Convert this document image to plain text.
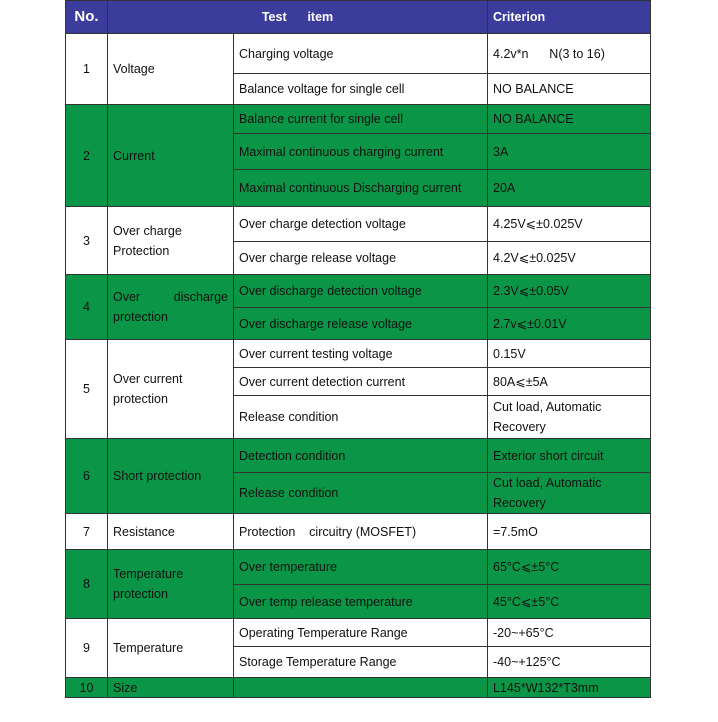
No.	Test      item		Criterion
1	Voltage	Charging voltage	4.2v*n      N(3 to 16)
		Balance voltage for single cell	NO BALANCE
2	Current	Balance current for single cell	NO BALANCE
		Maximal continuous charging current	3A
		Maximal continuous Discharging current	20A
3	Over charge Protection	Over charge detection voltage	4.25V⩽±0.025V
		Over charge release voltage	4.2V⩽±0.025V
4	Over discharge protection	Over discharge detection voltage	2.3V⩽±0.05V
		Over discharge release voltage	2.7v⩽±0.01V
5	Over current protection	Over current testing voltage	0.15V
		Over current detection current	80A⩽±5A
		Release condition	Cut load, Automatic Recovery
6	Short protection	Detection condition	Exterior short circuit
		Release condition	Cut load, Automatic Recovery
7	Resistance	Protection    circuitry (MOSFET)	=7.5mO
8	Temperature protection	Over temperature	65°C⩽±5°C
		Over temp release temperature	45°C⩽±5°C
9	Temperature	Operating Temperature Range	-20~+65°C
		Storage Temperature Range	-40~+125°C
10	Size		L145*W132*T3mm
